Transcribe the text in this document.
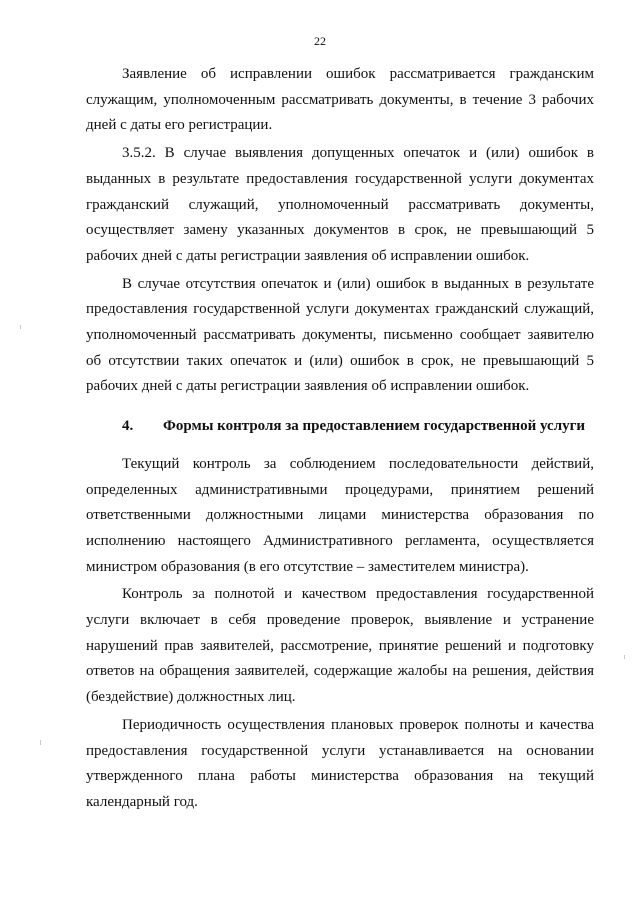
22

Заявление об исправлении ошибок рассматривается гражданским служащим, уполномоченным рассматривать документы, в течение 3 рабочих дней с даты его регистрации.

3.5.2. В случае выявления допущенных опечаток и (или) ошибок в выданных в результате предоставления государственной услуги документах гражданский служащий, уполномоченный рассматривать документы, осуществляет замену указанных документов в срок, не превышающий 5 рабочих дней с даты регистрации заявления об исправлении ошибок.

В случае отсутствия опечаток и (или) ошибок в выданных в результате предоставления государственной услуги документах гражданский служащий, уполномоченный рассматривать документы, письменно сообщает заявителю об отсутствии таких опечаток и (или) ошибок в срок, не превышающий 5 рабочих дней с даты регистрации заявления об исправлении ошибок.

4.	Формы контроля за предоставлением государственной услуги

Текущий контроль за соблюдением последовательности действий, определенных административными процедурами, принятием решений ответственными должностными лицами министерства образования по исполнению настоящего Административного регламента, осуществляется министром образования (в его отсутствие – заместителем министра).

Контроль за полнотой и качеством предоставления государственной услуги включает в себя проведение проверок, выявление и устранение нарушений прав заявителей, рассмотрение, принятие решений и подготовку ответов на обращения заявителей, содержащие жалобы на решения, действия (бездействие) должностных лиц.

Периодичность осуществления плановых проверок полноты и качества предоставления государственной услуги устанавливается на основании утвержденного плана работы министерства образования на текущий календарный год.
